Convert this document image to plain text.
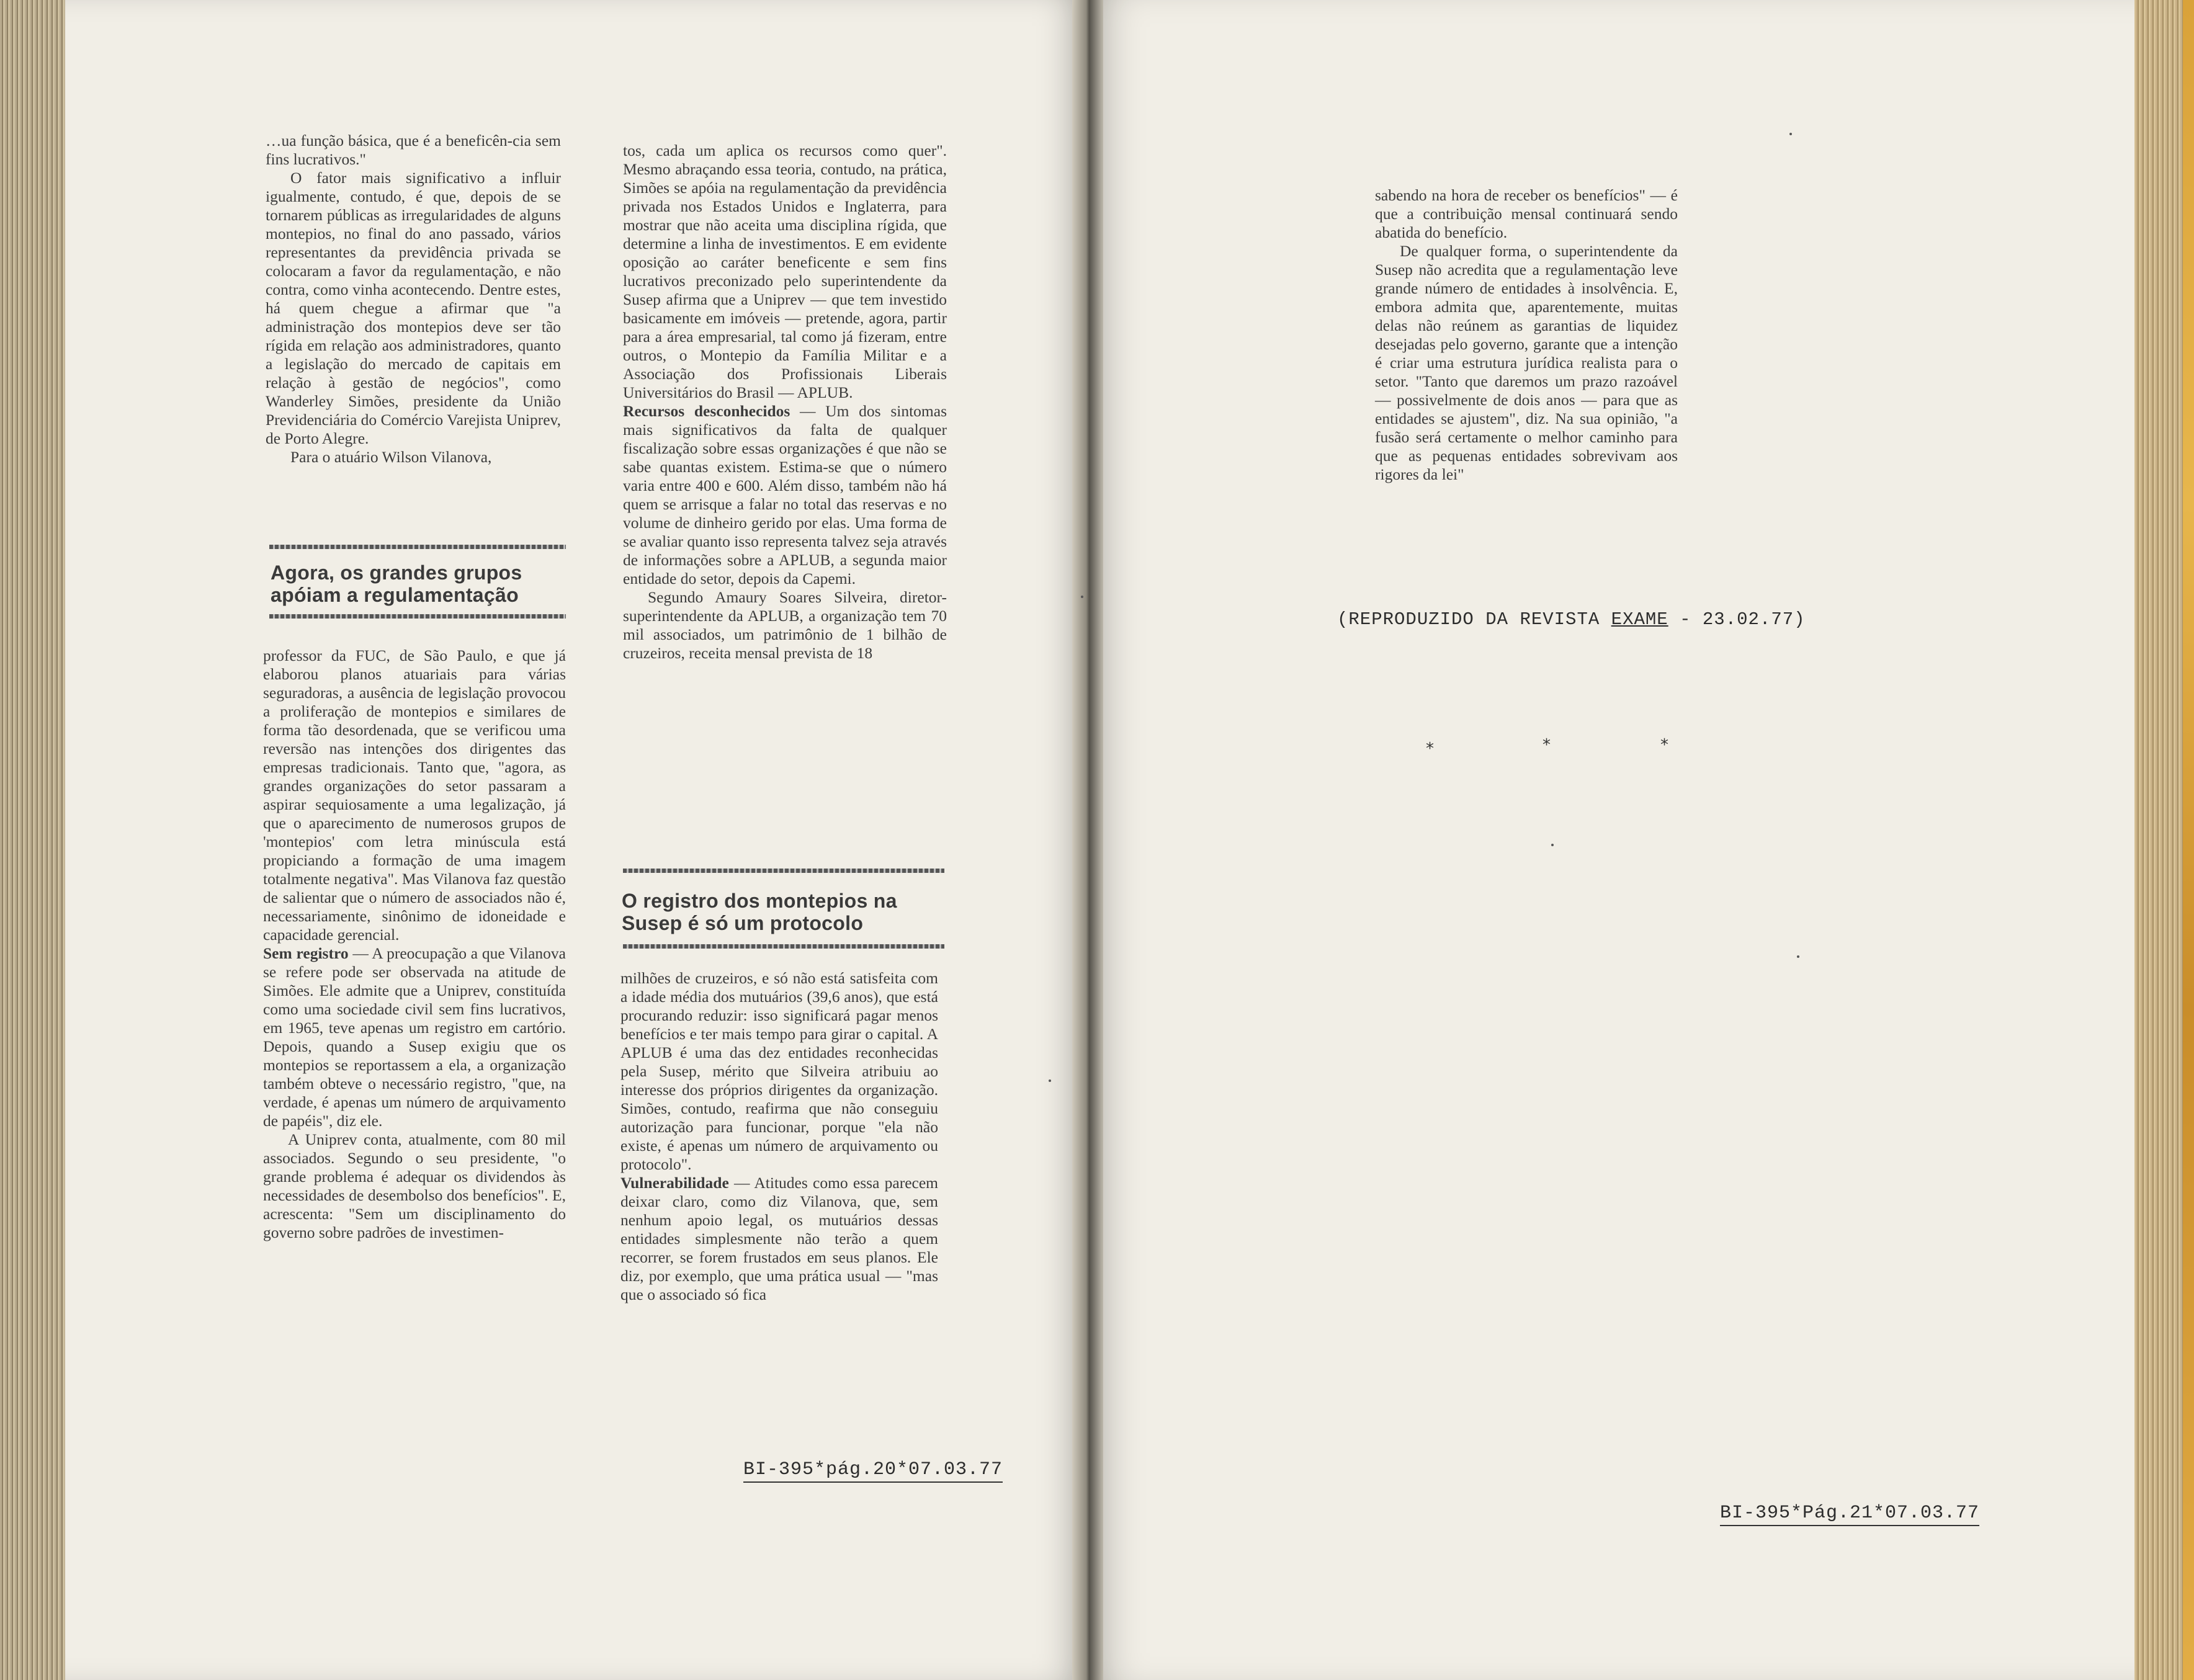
…ua função básica, que é a beneficên-cia sem fins lucrativos."

O fator mais significativo a influir igualmente, contudo, é que, depois de se tornarem públicas as irregularidades de alguns montepios, no final do ano passado, vários representantes da previdência privada se colocaram a favor da regulamentação, e não contra, como vinha acontecendo. Dentre estes, há quem chegue a afirmar que "a administração dos montepios deve ser tão rígida em relação aos administradores, quanto a legislação do mercado de capitais em relação à gestão de negócios", como Wanderley Simões, presidente da União Previdenciária do Comércio Varejista Uniprev, de Porto Alegre.

Para o atuário Wilson Vilanova,

Agora, os grandes grupos
apóiam a regulamentação

professor da FUC, de São Paulo, e que já elaborou planos atuariais para várias seguradoras, a ausência de legislação provocou a proliferação de montepios e similares de forma tão desordenada, que se verificou uma reversão nas intenções dos dirigentes das empresas tradicionais. Tanto que, "agora, as grandes organizações do setor passaram a aspirar sequiosamente a uma legalização, já que o aparecimento de numerosos grupos de 'montepios' com letra minúscula está propiciando a formação de uma imagem totalmente negativa". Mas Vilanova faz questão de salientar que o número de associados não é, necessariamente, sinônimo de idoneidade e capacidade gerencial.

Sem registro — A preocupação a que Vilanova se refere pode ser observada na atitude de Simões. Ele admite que a Uniprev, constituída como uma sociedade civil sem fins lucrativos, em 1965, teve apenas um registro em cartório. Depois, quando a Susep exigiu que os montepios se reportassem a ela, a organização também obteve o necessário registro, "que, na verdade, é apenas um número de arquivamento de papéis", diz ele.

A Uniprev conta, atualmente, com 80 mil associados. Segundo o seu presidente, "o grande problema é adequar os dividendos às necessidades de desembolso dos benefícios". E, acrescenta: "Sem um disciplinamento do governo sobre padrões de investimen-

tos, cada um aplica os recursos como quer". Mesmo abraçando essa teoria, contudo, na prática, Simões se apóia na regulamentação da previdência privada nos Estados Unidos e Inglaterra, para mostrar que não aceita uma disciplina rígida, que determine a linha de investimentos. E em evidente oposição ao caráter beneficente e sem fins lucrativos preconizado pelo superintendente da Susep afirma que a Uniprev — que tem investido basicamente em imóveis — pretende, agora, partir para a área empresarial, tal como já fizeram, entre outros, o Montepio da Família Militar e a Associação dos Profissionais Liberais Universitários do Brasil — APLUB.

Recursos desconhecidos — Um dos sintomas mais significativos da falta de qualquer fiscalização sobre essas organizações é que não se sabe quantas existem. Estima-se que o número varia entre 400 e 600. Além disso, também não há quem se arrisque a falar no total das reservas e no volume de dinheiro gerido por elas. Uma forma de se avaliar quanto isso representa talvez seja através de informações sobre a APLUB, a segunda maior entidade do setor, depois da Capemi.

Segundo Amaury Soares Silveira, diretor-superintendente da APLUB, a organização tem 70 mil associados, um patrimônio de 1 bilhão de cruzeiros, receita mensal prevista de 18

O registro dos montepios na
Susep é só um protocolo

milhões de cruzeiros, e só não está satisfeita com a idade média dos mutuários (39,6 anos), que está procurando reduzir: isso significará pagar menos benefícios e ter mais tempo para girar o capital. A APLUB é uma das dez entidades reconhecidas pela Susep, mérito que Silveira atribuiu ao interesse dos próprios dirigentes da organização. Simões, contudo, reafirma que não conseguiu autorização para funcionar, porque "ela não existe, é apenas um número de arquivamento ou protocolo".

Vulnerabilidade — Atitudes como essa parecem deixar claro, como diz Vilanova, que, sem nenhum apoio legal, os mutuários dessas entidades simplesmente não terão a quem recorrer, se forem frustados em seus planos. Ele diz, por exemplo, que uma prática usual — "mas que o associado só fica

BI-395*pág.20*07.03.77

sabendo na hora de receber os benefícios" — é que a contribuição mensal continuará sendo abatida do benefício.

De qualquer forma, o superintendente da Susep não acredita que a regulamentação leve grande número de entidades à insolvência. E, embora admita que, aparentemente, muitas delas não reúnem as garantias de liquidez desejadas pelo governo, garante que a intenção é criar uma estrutura jurídica realista para o setor. "Tanto que daremos um prazo razoável — possivelmente de dois anos — para que as entidades se ajustem", diz. Na sua opinião, "a fusão será certamente o melhor caminho para que as pequenas entidades sobrevivam aos rigores da lei"

(REPRODUZIDO DA REVISTA EXAME - 23.02.77)
*	*	*
BI-395*Pág.21*07.03.77
